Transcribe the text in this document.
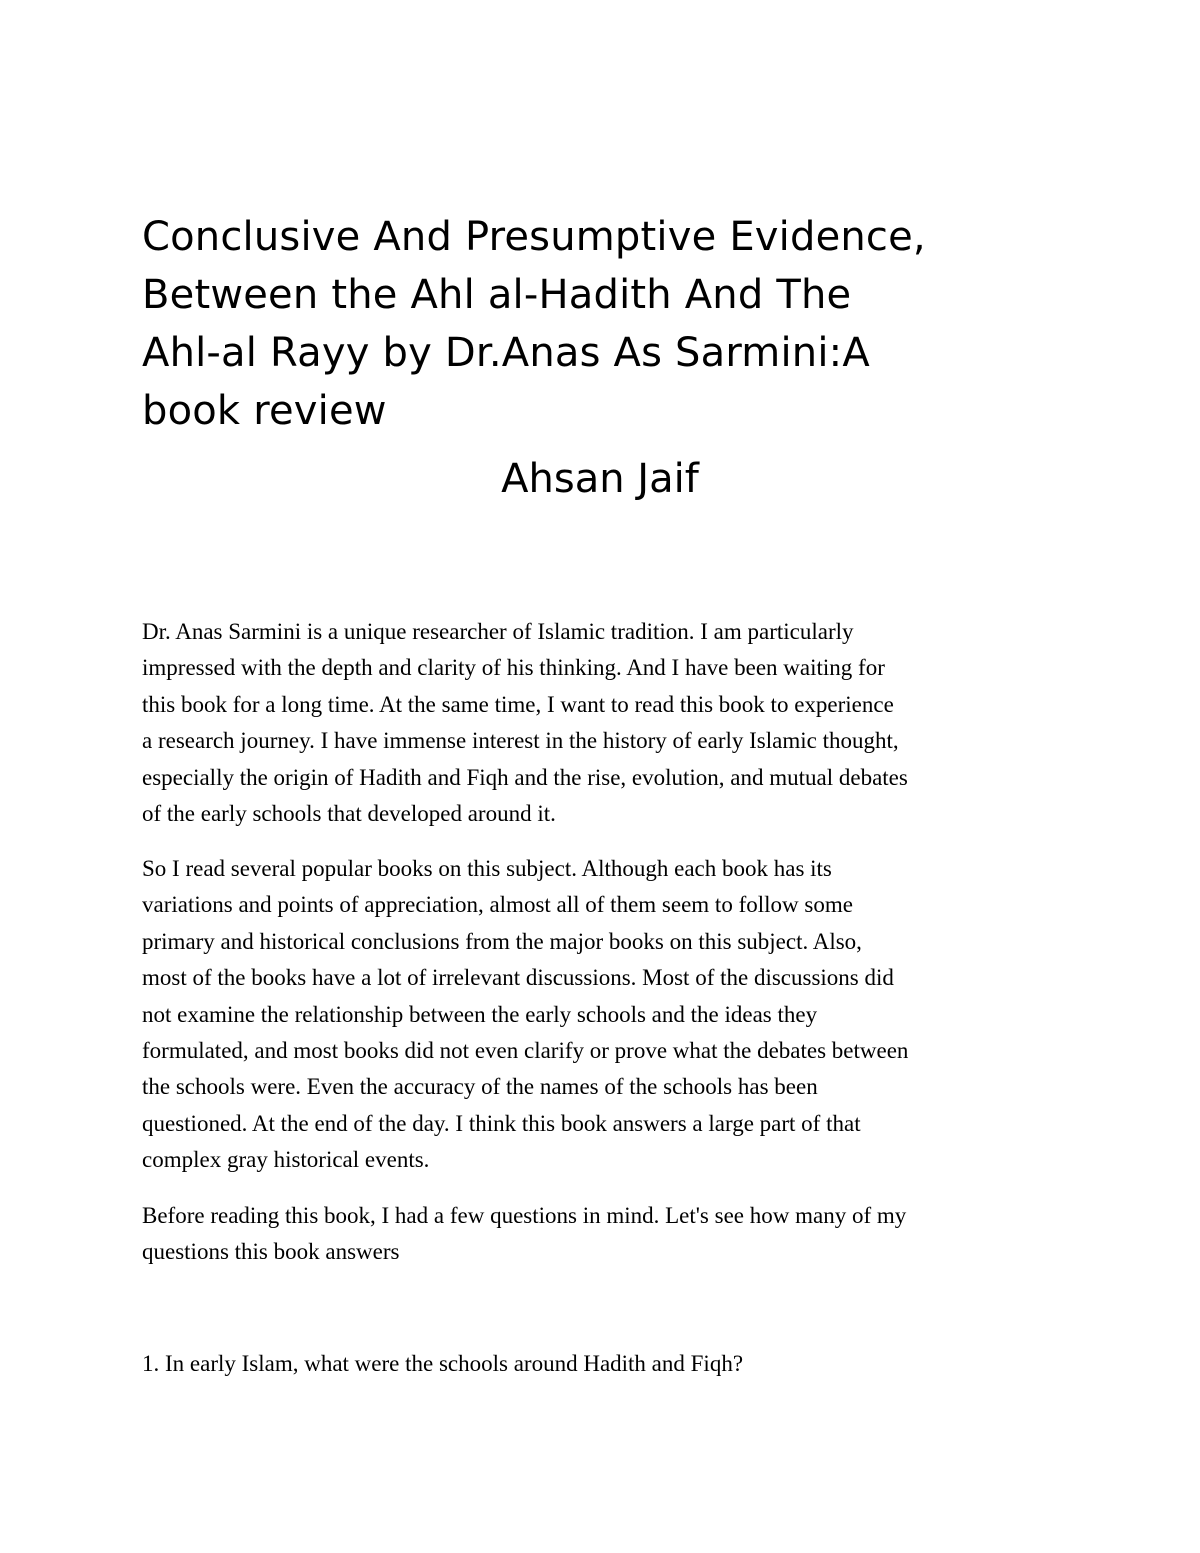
Conclusive And Presumptive Evidence,
Between the Ahl al-Hadith And The
Ahl-al Rayy by Dr.Anas As Sarmini:A
book review
Ahsan Jaif

Dr. Anas Sarmini is a unique researcher of Islamic tradition. I am particularly
impressed with the depth and clarity of his thinking. And I have been waiting for
this book for a long time. At the same time, I want to read this book to experience
a research journey. I have immense interest in the history of early Islamic thought,
especially the origin of Hadith and Fiqh and the rise, evolution, and mutual debates
of the early schools that developed around it.

So I read several popular books on this subject. Although each book has its
variations and points of appreciation, almost all of them seem to follow some
primary and historical conclusions from the major books on this subject. Also,
most of the books have a lot of irrelevant discussions. Most of the discussions did
not examine the relationship between the early schools and the ideas they
formulated, and most books did not even clarify or prove what the debates between
the schools were. Even the accuracy of the names of the schools has been
questioned. At the end of the day. I think this book answers a large part of that
complex gray historical events.

Before reading this book, I had a few questions in mind. Let's see how many of my
questions this book answers

1. In early Islam, what were the schools around Hadith and Fiqh?
